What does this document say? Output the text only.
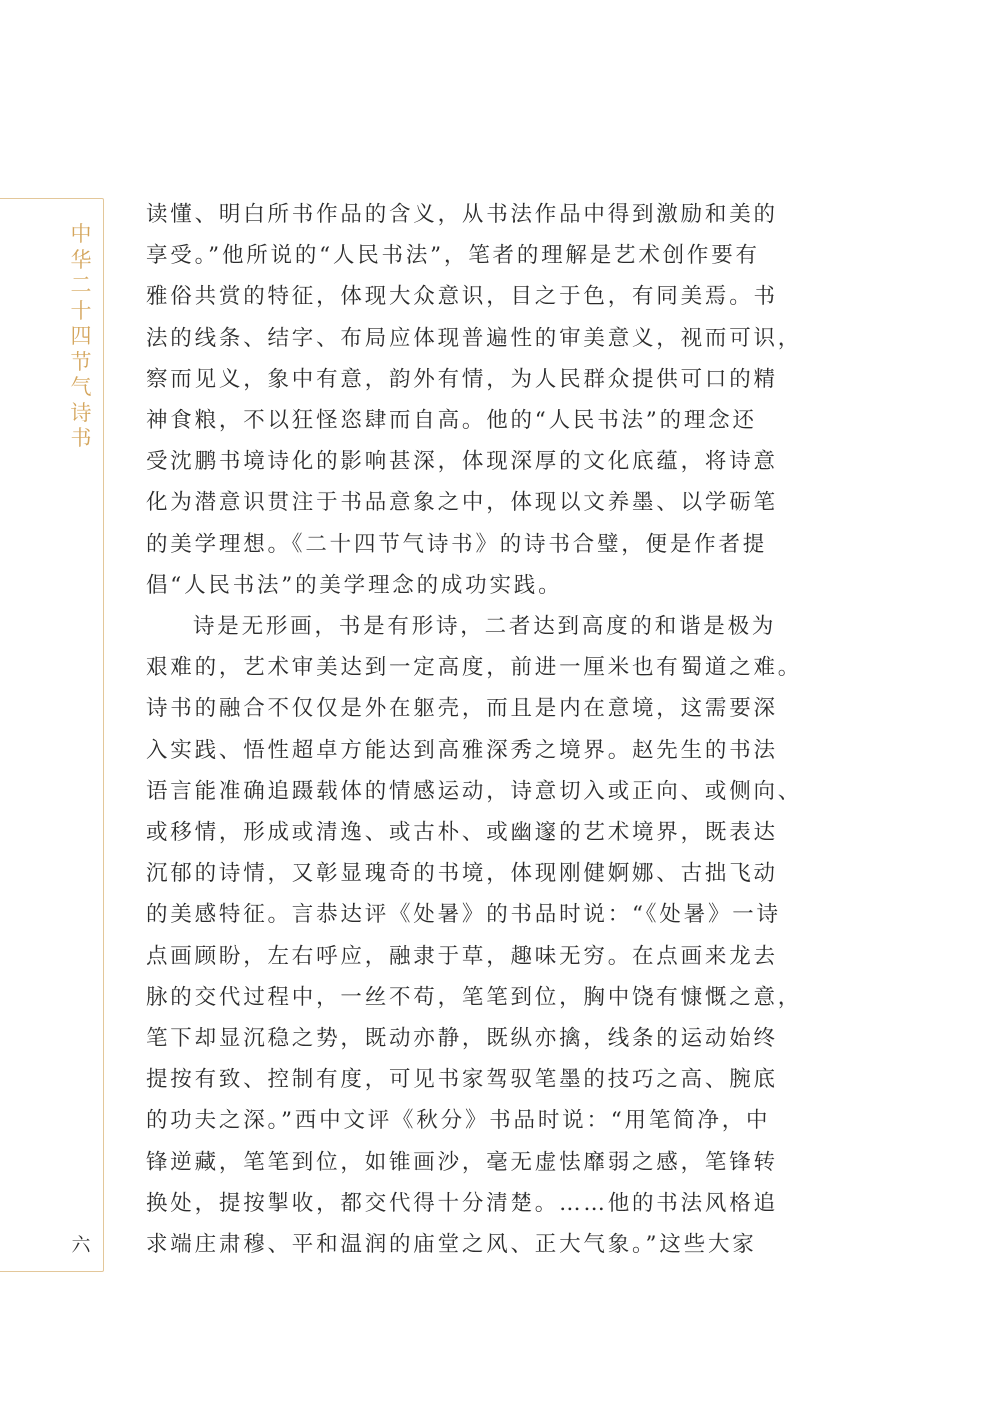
中
华
二
十
四
节
气
诗
书
六
读懂、明白所书作品的含义，从书法作品中得到激励和美的
享受。”他所说的“人民书法”，笔者的理解是艺术创作要有
雅俗共赏的特征，体现大众意识，目之于色，有同美焉。书
法的线条、结字、布局应体现普遍性的审美意义，视而可识，
察而见义，象中有意，韵外有情，为人民群众提供可口的精
神食粮，不以狂怪恣肆而自高。他的“人民书法”的理念还
受沈鹏书境诗化的影响甚深，体现深厚的文化底蕴，将诗意
化为潜意识贯注于书品意象之中，体现以文养墨、以学砺笔
的美学理想。《二十四节气诗书》的诗书合璧，便是作者提
倡“人民书法”的美学理念的成功实践。
诗是无形画，书是有形诗，二者达到高度的和谐是极为
艰难的，艺术审美达到一定高度，前进一厘米也有蜀道之难。
诗书的融合不仅仅是外在躯壳，而且是内在意境，这需要深
入实践、悟性超卓方能达到高雅深秀之境界。赵先生的书法
语言能准确追蹑载体的情感运动，诗意切入或正向、或侧向、
或移情，形成或清逸、或古朴、或幽邃的艺术境界，既表达
沉郁的诗情，又彰显瑰奇的书境，体现刚健婀娜、古拙飞动
的美感特征。言恭达评《处暑》的书品时说：“《处暑》一诗
点画顾盼，左右呼应，融隶于草，趣味无穷。在点画来龙去
脉的交代过程中，一丝不苟，笔笔到位，胸中饶有慷慨之意，
笔下却显沉稳之势，既动亦静，既纵亦擒，线条的运动始终
提按有致、控制有度，可见书家驾驭笔墨的技巧之高、腕底
的功夫之深。”西中文评《秋分》书品时说：“用笔简净，中
锋逆藏，笔笔到位，如锥画沙，毫无虚怯靡弱之感，笔锋转
换处，提按掣收，都交代得十分清楚。……他的书法风格追
求端庄肃穆、平和温润的庙堂之风、正大气象。”这些大家
